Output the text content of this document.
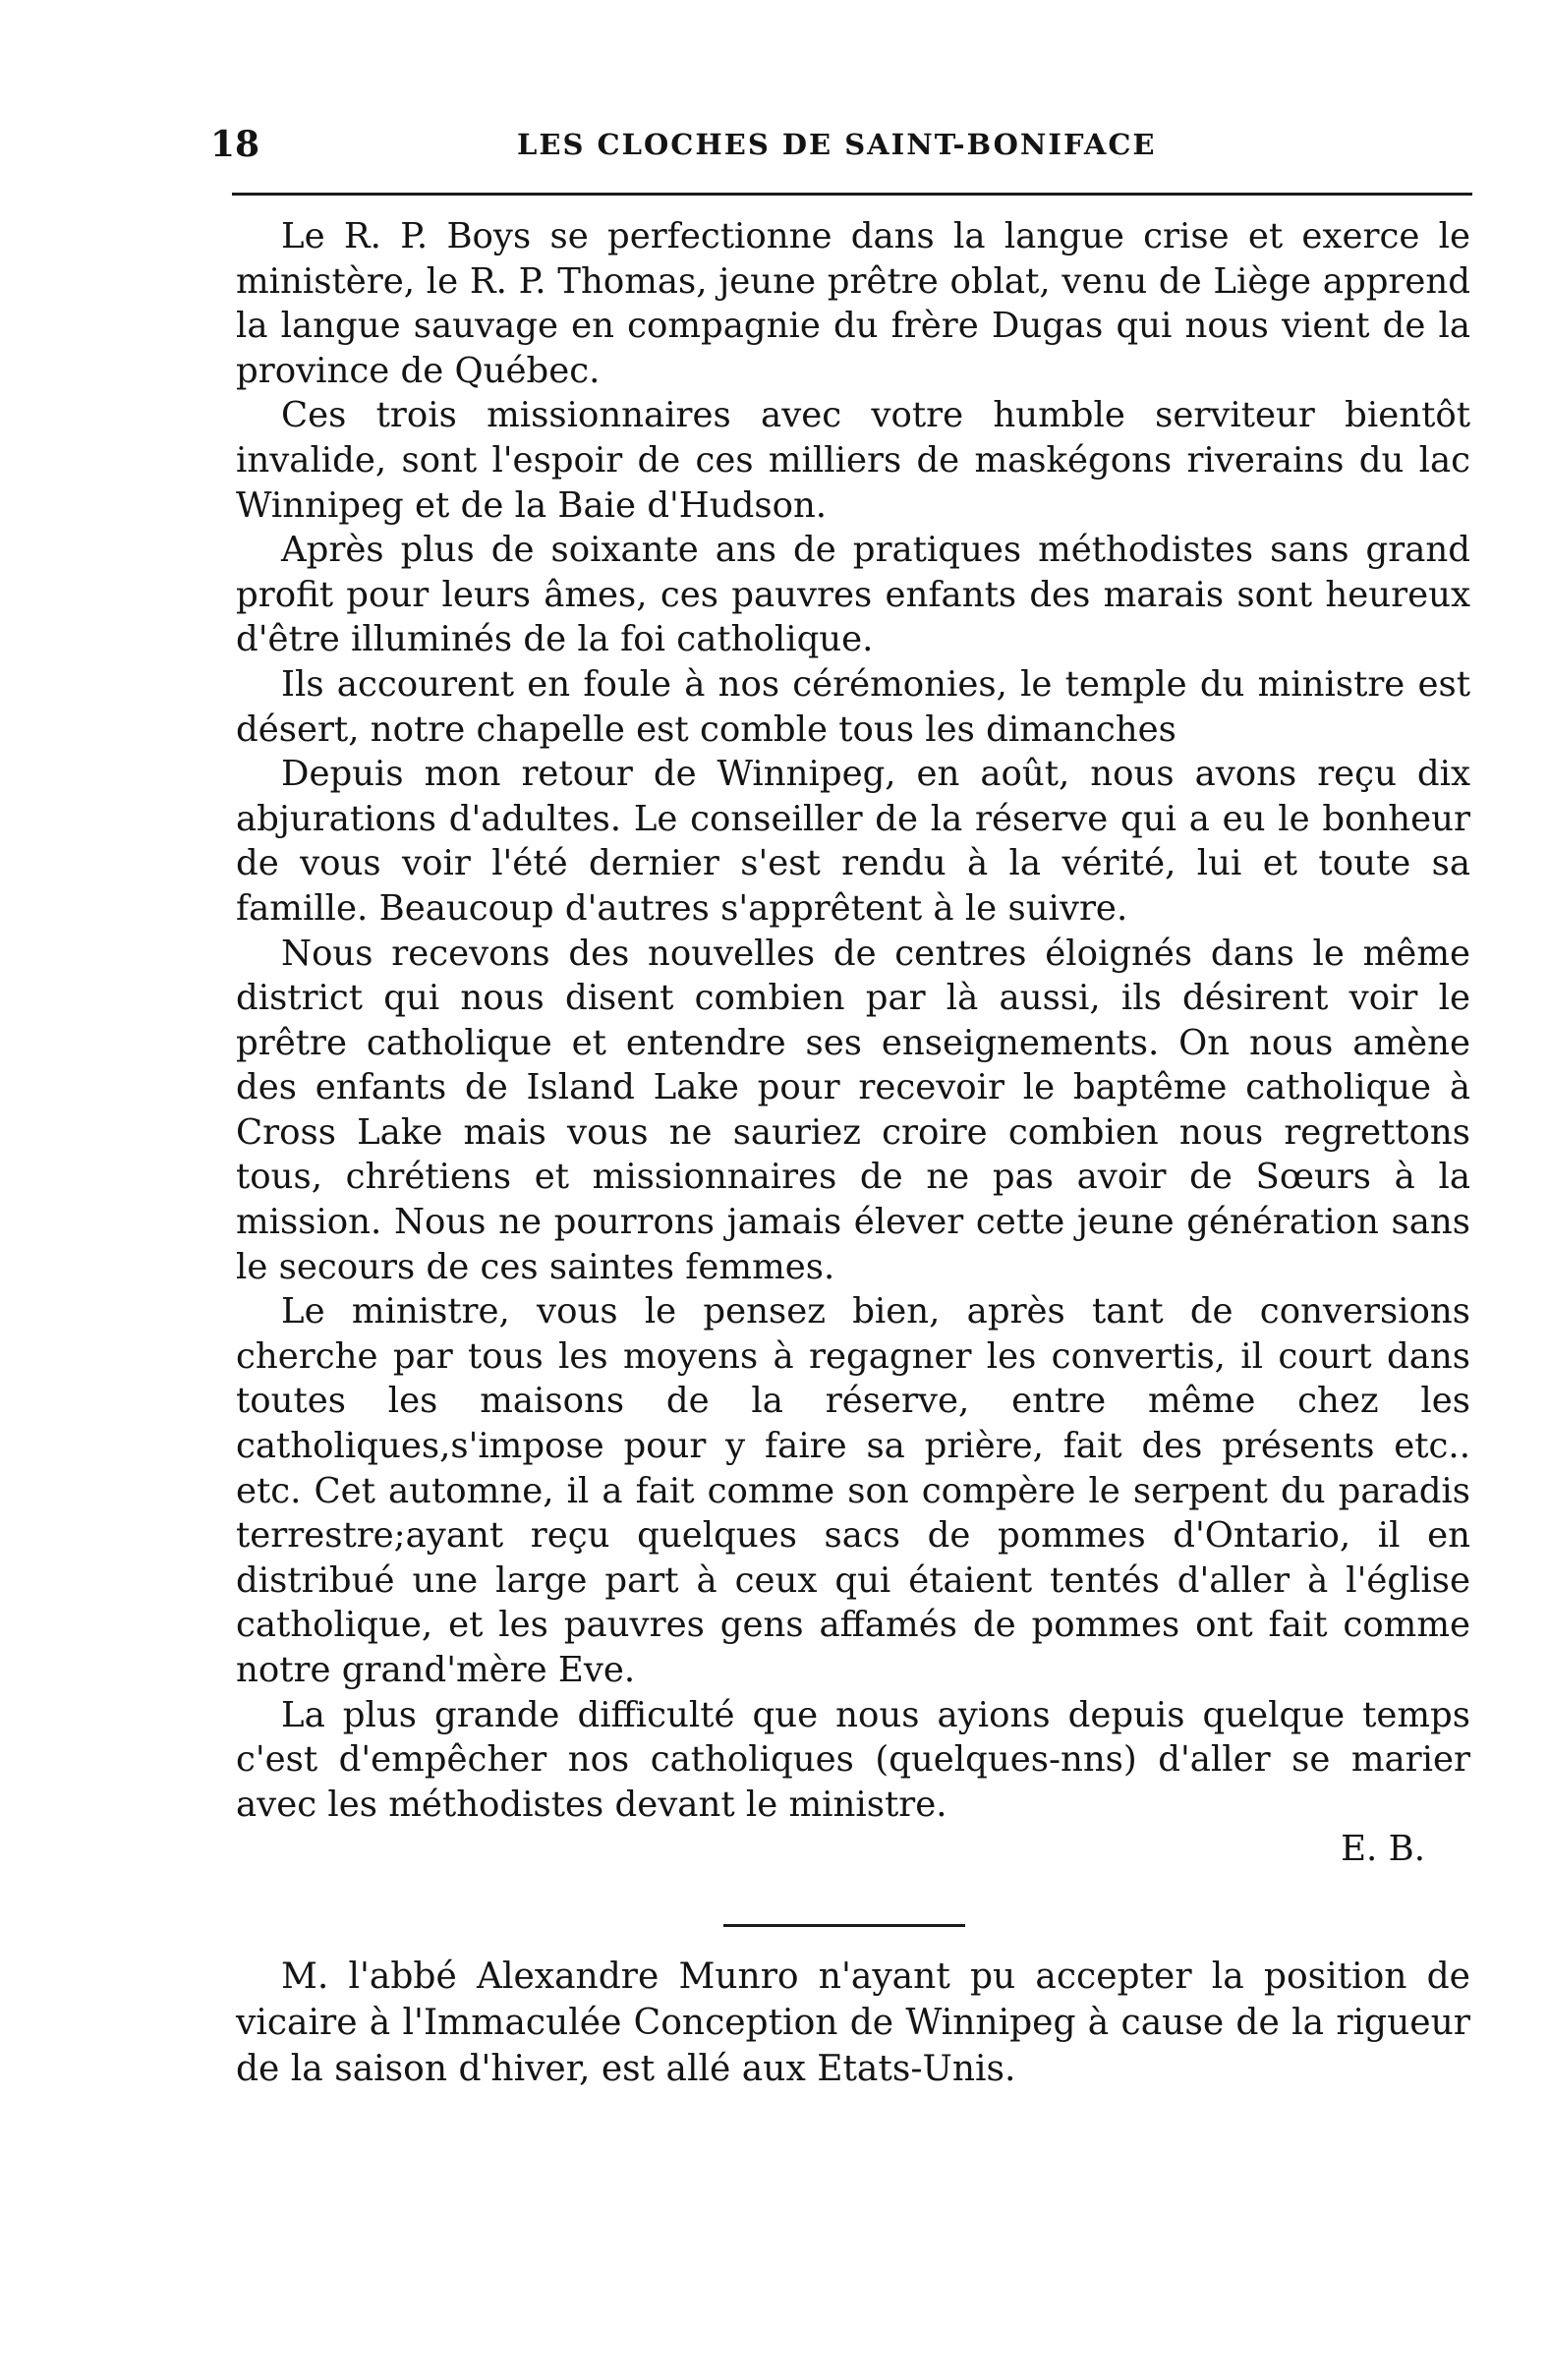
18	LES CLOCHES DE SAINT-BONIFACE

Le R. P. Boys se perfectionne dans la langue crise et exerce le ministère, le R. P. Thomas, jeune prêtre oblat, venu de Liège apprend la langue sauvage en compagnie du frère Dugas qui nous vient de la province de Québec.

Ces trois missionnaires avec votre humble serviteur bientôt invalide, sont l'espoir de ces milliers de maskégons riverains du lac Winnipeg et de la Baie d'Hudson.

Après plus de soixante ans de pratiques méthodistes sans grand profit pour leurs âmes, ces pauvres enfants des marais sont heureux d'être illuminés de la foi catholique.

Ils accourent en foule à nos cérémonies, le temple du ministre est désert, notre chapelle est comble tous les dimanches

Depuis mon retour de Winnipeg, en août, nous avons reçu dix abjurations d'adultes. Le conseiller de la réserve qui a eu le bonheur de vous voir l'été dernier s'est rendu à la vérité, lui et toute sa famille. Beaucoup d'autres s'apprêtent à le suivre.

Nous recevons des nouvelles de centres éloignés dans le même district qui nous disent combien par là aussi, ils désirent voir le prêtre catholique et entendre ses enseignements. On nous amène des enfants de Island Lake pour recevoir le baptême catholique à Cross Lake mais vous ne sauriez croire combien nous regrettons tous, chrétiens et missionnaires de ne pas avoir de Sœurs à la mission. Nous ne pourrons jamais élever cette jeune génération sans le secours de ces saintes femmes.

Le ministre, vous le pensez bien, après tant de conversions cherche par tous les moyens à regagner les convertis, il court dans toutes les maisons de la réserve, entre même chez les catholiques,s'impose pour y faire sa prière, fait des présents etc.. etc. Cet automne, il a fait comme son compère le serpent du paradis terrestre;ayant reçu quelques sacs de pommes d'Ontario, il en distribué une large part à ceux qui étaient tentés d'aller à l'église catholique, et les pauvres gens affamés de pommes ont fait comme notre grand'mère Eve.

La plus grande difficulté que nous ayions depuis quelque temps c'est d'empêcher nos catholiques (quelques-nns) d'aller se marier avec les méthodistes devant le ministre.

E. B.

M. l'abbé Alexandre Munro n'ayant pu accepter la position de vicaire à l'Immaculée Conception de Winnipeg à cause de la rigueur de la saison d'hiver, est allé aux Etats-Unis.
